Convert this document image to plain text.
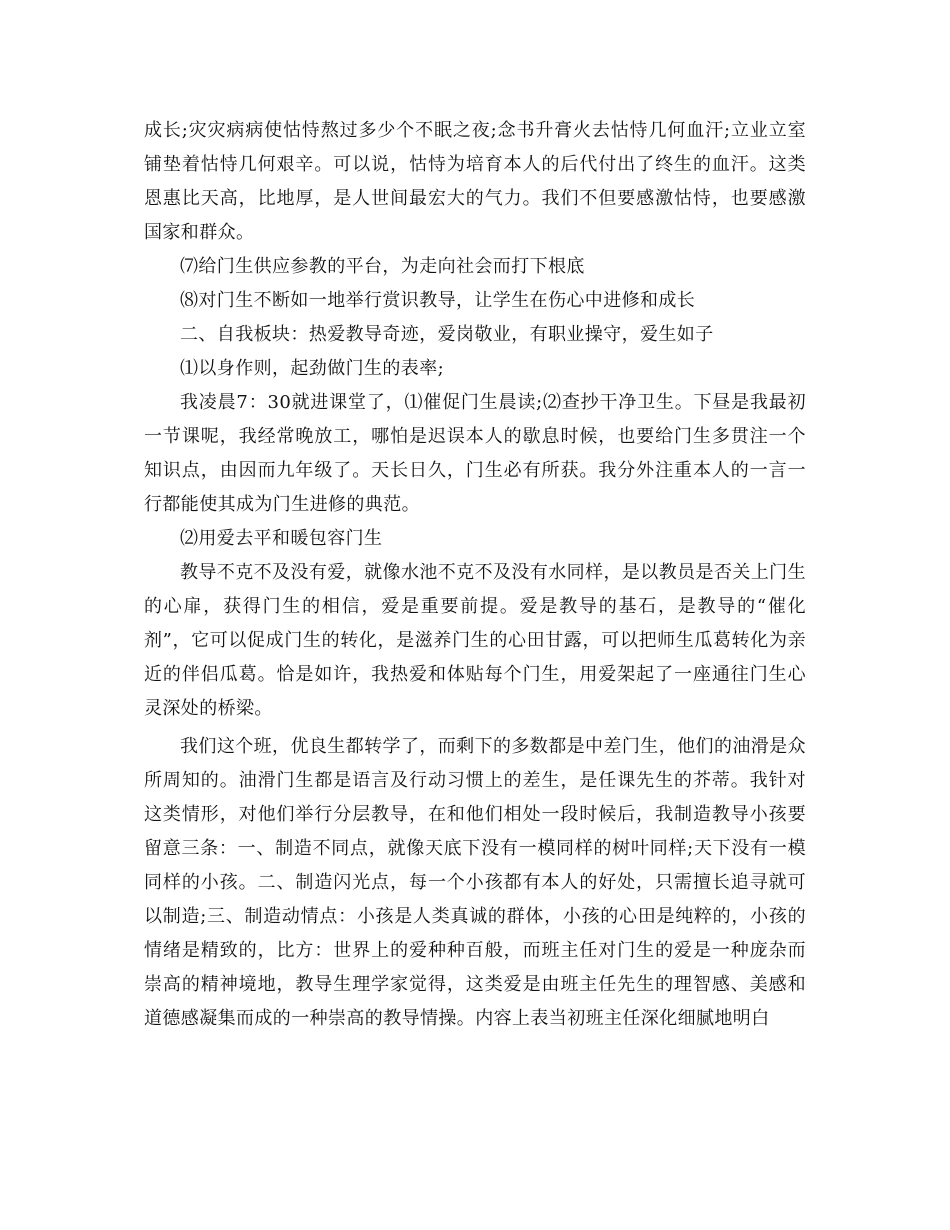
成长;灾灾病病使怙恃熬过多少个不眠之夜;念书升膏火去怙恃几何血汗;立业立室铺垫着怙恃几何艰辛。可以说，怙恃为培育本人的后代付出了终生的血汗。这类恩惠比天高，比地厚，是人世间最宏大的气力。我们不但要感激怙恃，也要感激国家和群众。

⑺给门生供应参教的平台，为走向社会而打下根底

⑻对门生不断如一地举行赏识教导，让学生在伤心中进修和成长

二、自我板块：热爱教导奇迹，爱岗敬业，有职业操守，爱生如子

⑴以身作则，起劲做门生的表率;

我凌晨7：30就进课堂了，⑴催促门生晨读;⑵查抄干净卫生。下昼是我最初一节课呢，我经常晚放工，哪怕是迟误本人的歇息时候，也要给门生多贯注一个知识点，由因而九年级了。天长日久，门生必有所获。我分外注重本人的一言一行都能使其成为门生进修的典范。

⑵用爱去平和暖包容门生

教导不克不及没有爱，就像水池不克不及没有水同样，是以教员是否关上门生的心扉，获得门生的相信，爱是重要前提。爱是教导的基石，是教导的“催化剂”，它可以促成门生的转化，是滋养门生的心田甘露，可以把师生瓜葛转化为亲近的伴侣瓜葛。恰是如许，我热爱和体贴每个门生，用爱架起了一座通往门生心灵深处的桥梁。

我们这个班，优良生都转学了，而剩下的多数都是中差门生，他们的油滑是众所周知的。油滑门生都是语言及行动习惯上的差生，是任课先生的芥蒂。我针对这类情形，对他们举行分层教导，在和他们相处一段时候后，我制造教导小孩要留意三条：一、制造不同点，就像天底下没有一模同样的树叶同样;天下没有一模同样的小孩。二、制造闪光点，每一个小孩都有本人的好处，只需擅长追寻就可以制造;三、制造动情点：小孩是人类真诚的群体，小孩的心田是纯粹的，小孩的情绪是精致的，比方：世界上的爱种种百般，而班主任对门生的爱是一种庞杂而崇高的精神境地，教导生理学家觉得，这类爱是由班主任先生的理智感、美感和道德感凝集而成的一种崇高的教导情操。内容上表当初班主任深化细腻地明白
